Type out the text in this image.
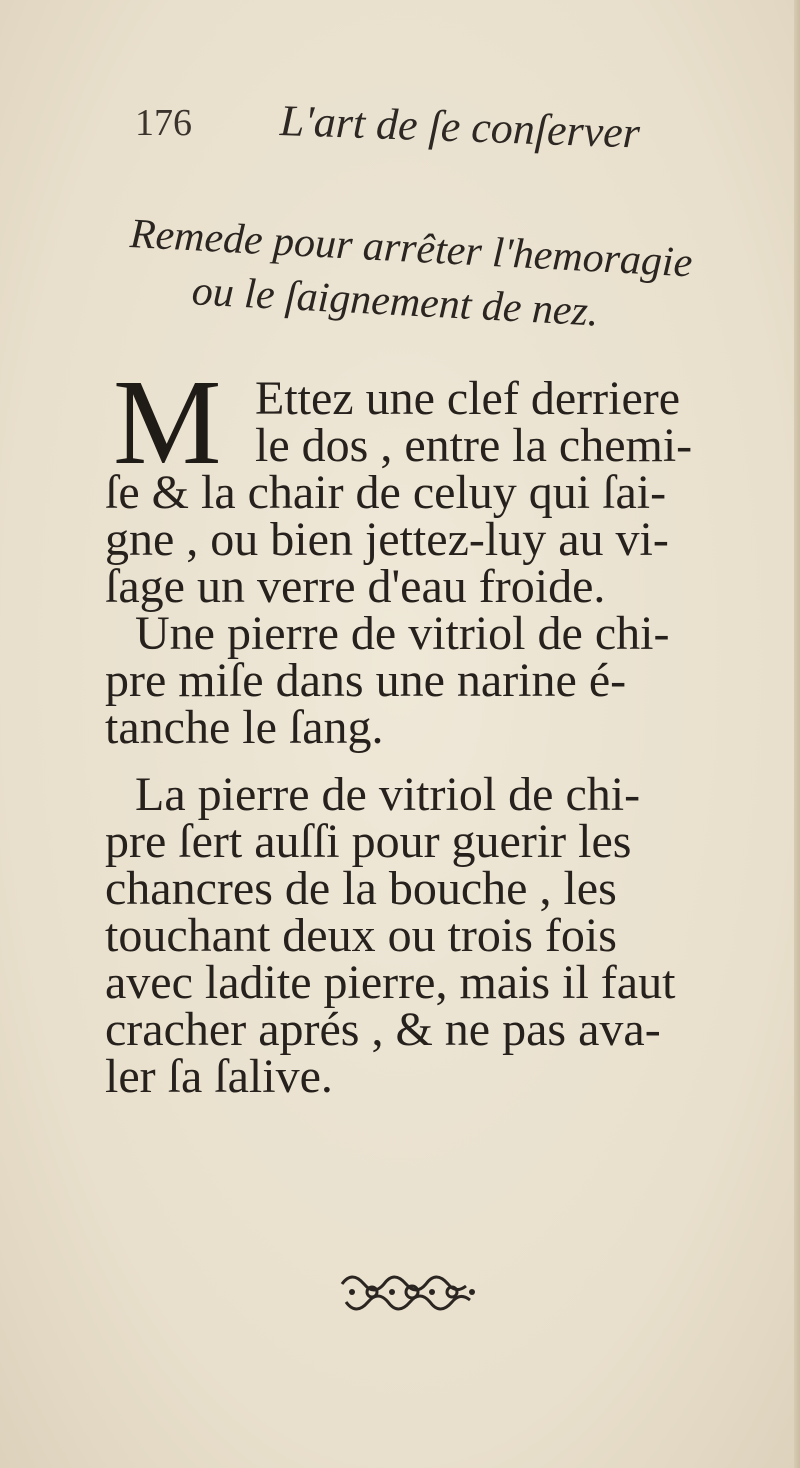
176 L'art de ſe conſerver
Remede pour arrêter l'hemoragie
ou le ſaignement de nez.
M Ettez une clef derriere
le dos , entre la chemi-
ſe & la chair de celuy qui ſai-
gne , ou bien jettez-luy au vi-
ſage un verre d'eau froide.
Une pierre de vitriol de chi-
pre miſe dans une narine é-
tanche le ſang.
La pierre de vitriol de chi-
pre ſert auſſi pour guerir les
chancres de la bouche , les
touchant deux ou trois fois
avec ladite pierre, mais il faut
cracher aprés , & ne pas ava-
ler ſa ſalive.
